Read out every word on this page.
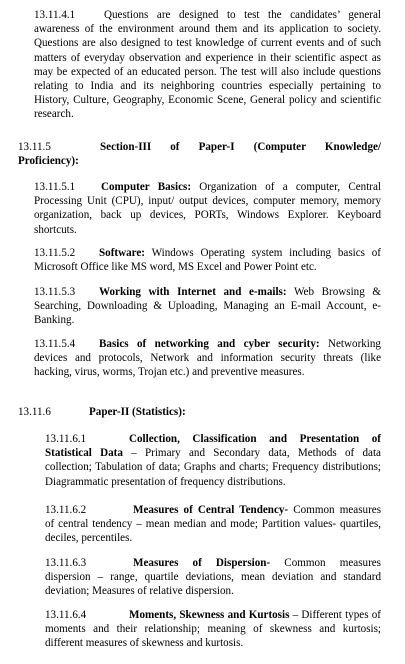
13.11.4.1	Questions are designed to test the candidates’ general awareness of the environment around them and its application to society. Questions are also designed to test knowledge of current events and of such matters of everyday observation and experience in their scientific aspect as may be expected of an educated person. The test will also include questions relating to India and its neighboring countries especially pertaining to History, Culture, Geography, Economic Scene, General policy and scientific research.
13.11.5	Section-III of Paper-I (Computer Knowledge/
Proficiency):
13.11.5.1 Computer Basics: Organization of a computer, Central Processing Unit (CPU), input/ output devices, computer memory, memory organization, back up devices, PORTs, Windows Explorer. Keyboard shortcuts.
13.11.5.2 Software: Windows Operating system including basics of Microsoft Office like MS word, MS Excel and Power Point etc.
13.11.5.3 Working with Internet and e-mails: Web Browsing & Searching, Downloading & Uploading, Managing an E-mail Account, e-Banking.
13.11.5.4 Basics of networking and cyber security: Networking devices and protocols, Network and information security threats (like hacking, virus, worms, Trojan etc.) and preventive measures.
13.11.6	Paper-II (Statistics):
13.11.6.1	Collection, Classification and Presentation of Statistical Data – Primary and Secondary data, Methods of data collection; Tabulation of data; Graphs and charts; Frequency distributions; Diagrammatic presentation of frequency distributions.
13.11.6.2	Measures of Central Tendency- Common measures of central tendency – mean median and mode; Partition values- quartiles, deciles, percentiles.
13.11.6.3	Measures of Dispersion- Common measures dispersion – range, quartile deviations, mean deviation and standard deviation; Measures of relative dispersion.
13.11.6.4	Moments, Skewness and Kurtosis – Different types of moments and their relationship; meaning of skewness and kurtosis; different measures of skewness and kurtosis.
